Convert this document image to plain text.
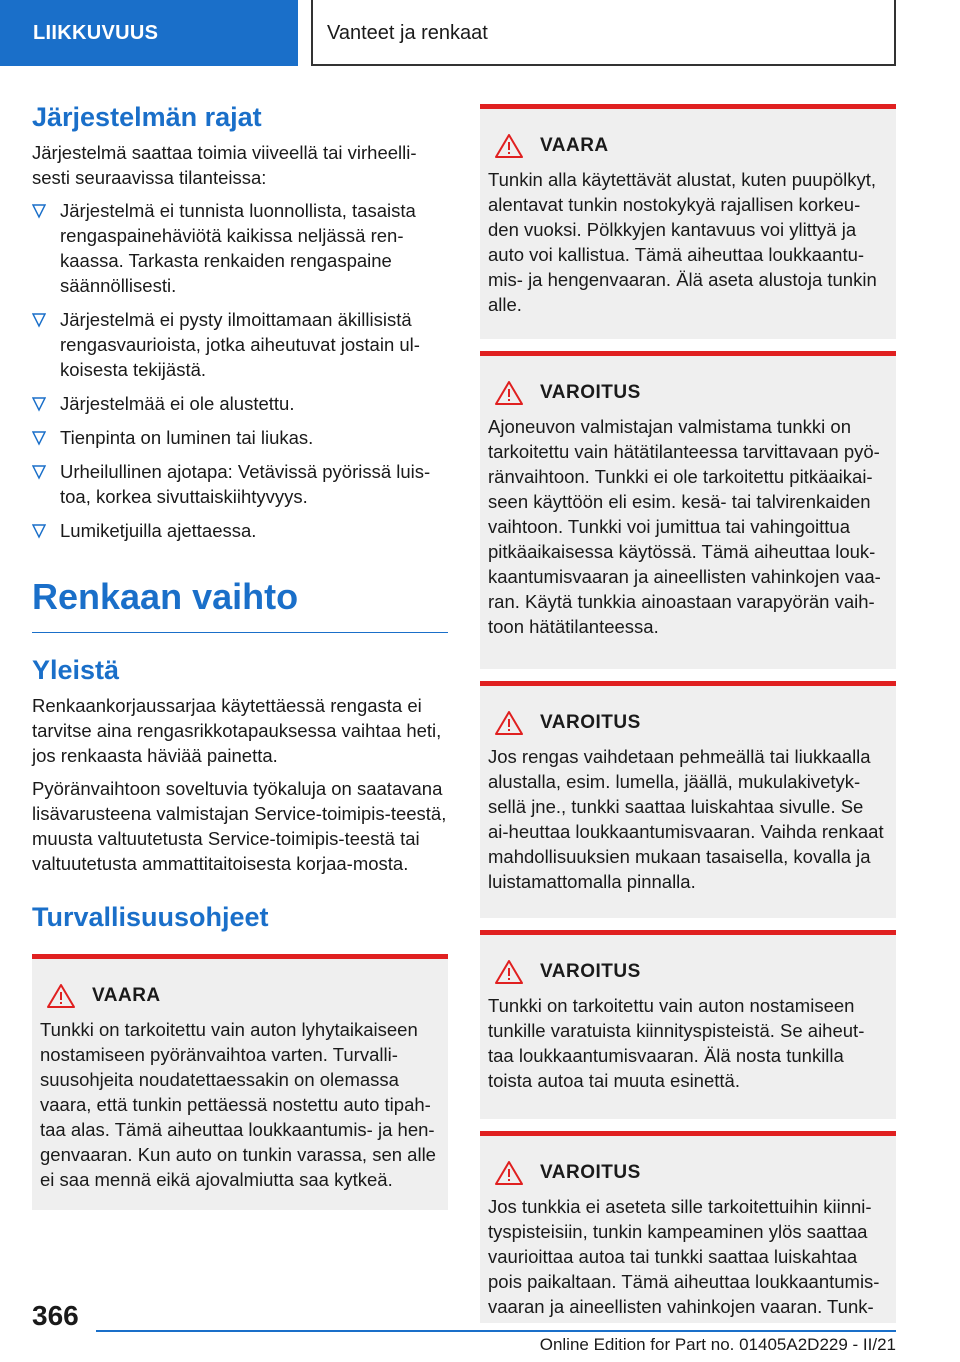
LIIKKUVUUS	Vanteet ja renkaat
Järjestelmän rajat

Järjestelmä saattaa toimia viiveellä tai virheelli-sesti seuraavissa tilanteissa:

Järjestelmä ei tunnista luonnollista, tasaista rengaspainehäviötä kaikissa neljässä ren-kaassa. Tarkasta renkaiden rengaspaine säännöllisesti.
Järjestelmä ei pysty ilmoittamaan äkillisistä rengasvaurioista, jotka aiheutuvat jostain ul-koisesta tekijästä.
Järjestelmää ei ole alustettu.
Tienpinta on luminen tai liukas.
Urheilullinen ajotapa: Vetävissä pyörissä luis-toa, korkea sivuttaiskiihtyvyys.
Lumiketjuilla ajettaessa.
Renkaan vaihto
Yleistä

Renkaankorjaussarjaa käytettäessä rengasta ei tarvitse aina rengasrikkotapauksessa vaihtaa heti, jos renkaasta häviää painetta.

Pyöränvaihtoon soveltuvia työkaluja on saatavana lisävarusteena valmistajan Service-toimipis-teestä, muusta valtuutetusta Service-toimipis-teestä tai valtuutetusta ammattitaitoisesta korjaa-mosta.

Turvallisuusohjeet
VAARA
Tunkki on tarkoitettu vain auton lyhytaikaiseen nostamiseen pyöränvaihtoa varten. Turvalli-suusohjeita noudatettaessakin on olemassa vaara, että tunkin pettäessä nostettu auto tipah-taa alas. Tämä aiheuttaa loukkaantumis- ja hen-genvaaran. Kun auto on tunkin varassa, sen alle ei saa mennä eikä ajovalmiutta saa kytkeä.
VAARA
Tunkin alla käytettävät alustat, kuten puupölkyt, alentavat tunkin nostokykyä rajallisen korkeu-den vuoksi. Pölkkyjen kantavuus voi ylittyä ja auto voi kallistua. Tämä aiheuttaa loukkaantu-mis- ja hengenvaaran. Älä aseta alustoja tunkin alle.
VAROITUS
Ajoneuvon valmistajan valmistama tunkki on tarkoitettu vain hätätilanteessa tarvittavaan pyö-ränvaihtoon. Tunkki ei ole tarkoitettu pitkäaikai-seen käyttöön eli esim. kesä- tai talvirenkaiden vaihtoon. Tunkki voi jumittua tai vahingoittua pitkäaikaisessa käytössä. Tämä aiheuttaa louk-kaantumisvaaran ja aineellisten vahinkojen vaa-ran. Käytä tunkkia ainoastaan varapyörän vaih-toon hätätilanteessa.
VAROITUS
Jos rengas vaihdetaan pehmeällä tai liukkaalla alustalla, esim. lumella, jäällä, mukulakivetyk-sellä jne., tunkki saattaa luiskahtaa sivulle. Se ai-heuttaa loukkaantumisvaaran. Vaihda renkaat mahdollisuuksien mukaan tasaisella, kovalla ja luistamattomalla pinnalla.
VAROITUS
Tunkki on tarkoitettu vain auton nostamiseen tunkille varatuista kiinnityspisteistä. Se aiheut-taa loukkaantumisvaaran. Älä nosta tunkilla toista autoa tai muuta esinettä.
VAROITUS
Jos tunkkia ei aseteta sille tarkoitettuihin kiinni-tyspisteisiin, tunkin kampeaminen ylös saattaa vaurioittaa autoa tai tunkki saattaa luiskahtaa pois paikaltaan. Tämä aiheuttaa loukkaantumis-vaaran ja aineellisten vahinkojen vaaran. Tunk-
366
Online Edition for Part no. 01405A2D229 - II/21
